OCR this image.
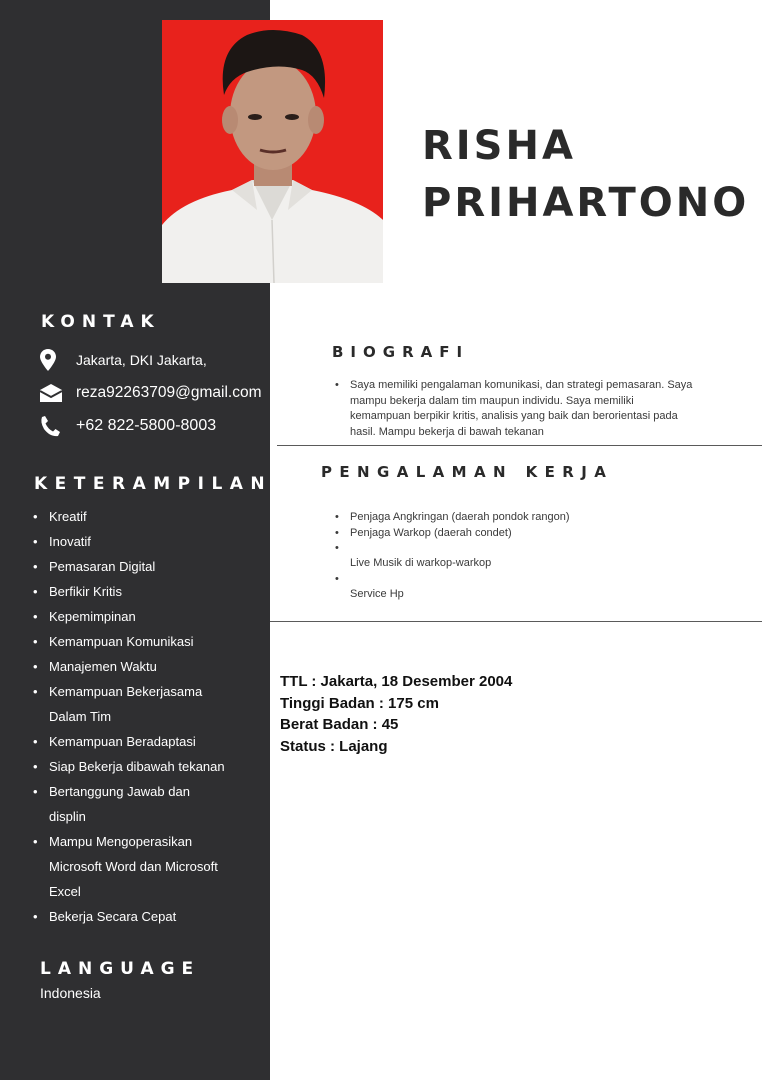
RISHA
PRIHARTONO
KONTAK
Jakarta, DKI Jakarta,
reza92263709@gmail.com
+62 822-5800-8003
KETERAMPILAN
• Kreatif
• Inovatif
• Pemasaran Digital
• Berfikir Kritis
• Kepemimpinan
• Kemampuan Komunikasi
• Manajemen Waktu
• Kemampuan Bekerjasama
Dalam Tim
• Kemampuan Beradaptasi
• Siap Bekerja dibawah tekanan
• Bertanggung Jawab dan
displin
• Mampu Mengoperasikan
Microsoft Word dan Microsoft
Excel
• Bekerja Secara Cepat
LANGUAGE
Indonesia
BIOGRAFI
• Saya memiliki pengalaman komunikasi, dan strategi pemasaran. Saya
mampu bekerja dalam tim maupun individu. Saya memiliki
kemampuan berpikir kritis, analisis yang baik dan berorientasi pada
hasil. Mampu bekerja di bawah tekanan
PENGALAMAN KERJA
• Penjaga Angkringan (daerah pondok rangon)
• Penjaga Warkop (daerah condet)
• Live Musik di warkop-warkop
• Service Hp
TTL : Jakarta, 18 Desember 2004
Tinggi Badan : 175 cm
Berat Badan : 45
Status : Lajang
